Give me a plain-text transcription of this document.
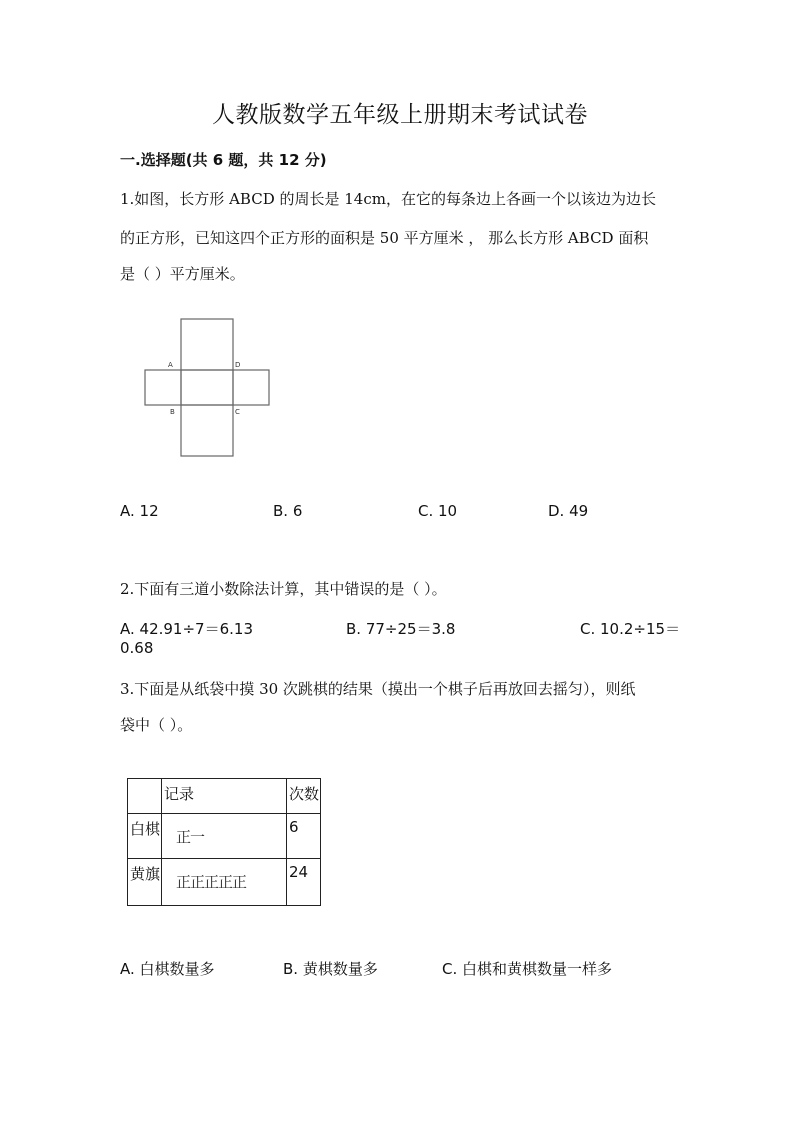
人教版数学五年级上册期末考试试卷
一.选择题(共 6 题，共 12 分)
1.如图，长方形 ABCD 的周长是 14cm，在它的每条边上各画一个以该边为边长
的正方形，已知这四个正方形的面积是 50 平方厘米 ， 那么长方形 ABCD 面积
是（ ）平方厘米。
A	D
B	C
A. 12	B. 6	C. 10	D. 49
2.下面有三道小数除法计算，其中错误的是（ ）。
A. 42.91÷7＝6.13	B. 77÷25＝3.8	C. 10.2÷15＝
0.68
3.下面是从纸袋中摸 30 次跳棋的结果（摸出一个棋子后再放回去摇匀），则纸
袋中（ ）。

	记录	次数

白棋	正一	6

黄旗	正正正正正	24
A. 白棋数量多	B. 黄棋数量多	C. 白棋和黄棋数量一样多
